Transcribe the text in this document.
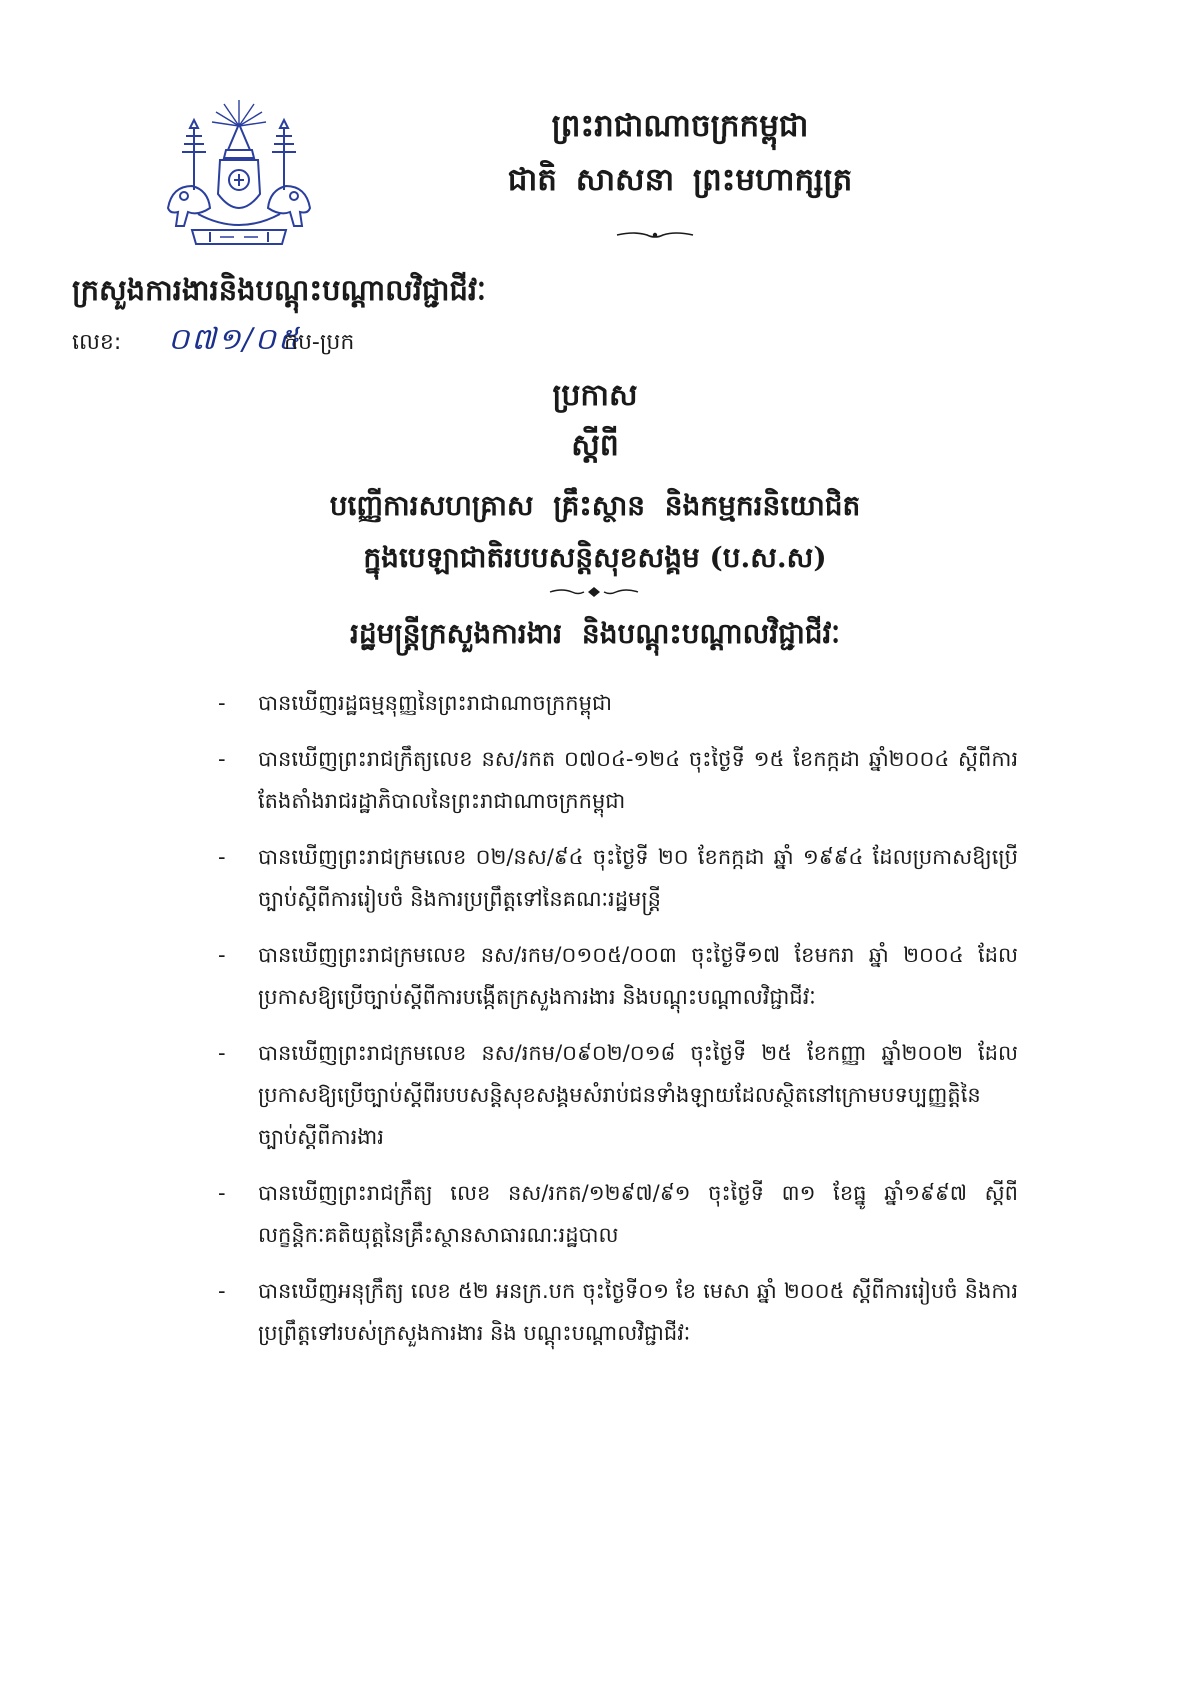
ព្រះរាជាណាចក្រកម្ពុជា
ជាតិ សាសនា ព្រះមហាក្សត្រ
ក្រសួងការងារនិងបណ្តុះបណ្តាលវិជ្ជាជីវៈ
លេខ: ០៧១/០៥
កប-ប្រក
ប្រកាស
ស្តីពី
បញ្ញើការសហគ្រាស គ្រឹះស្ថាន និងកម្មករនិយោជិត
ក្នុងបេឡាជាតិរបបសន្តិសុខសង្គម (ប.ស.ស)
រដ្ឋមន្ត្រីក្រសួងការងារ និងបណ្តុះបណ្តាលវិជ្ជាជីវៈ
- បានឃើញរដ្ឋធម្មនុញ្ញនៃព្រះរាជាណាចក្រកម្ពុជា
- បានឃើញព្រះរាជក្រឹត្យលេខ នស/រកត ០៧០៤-១២៤ ចុះថ្ងៃទី ១៥ ខែកក្កដា ឆ្នាំ២០០៤ ស្តីពីការតែងតាំងរាជរដ្ឋាភិបាលនៃព្រះរាជាណាចក្រកម្ពុជា
- បានឃើញព្រះរាជក្រមលេខ ០២/នស/៩៤ ចុះថ្ងៃទី ២០ ខែកក្កដា ឆ្នាំ ១៩៩៤ ដែលប្រកាសឱ្យប្រើច្បាប់ស្តីពីការរៀបចំ និងការប្រព្រឹត្តទៅនៃគណៈរដ្ឋមន្ត្រី
- បានឃើញព្រះរាជក្រមលេខ នស/រកម/០១០៥/០០៣ ចុះថ្ងៃទី១៧ ខែមករា ឆ្នាំ ២០០៤ ដែលប្រកាសឱ្យប្រើច្បាប់ស្តីពីការបង្កើតក្រសួងការងារ និងបណ្តុះបណ្តាលវិជ្ជាជីវៈ
- បានឃើញព្រះរាជក្រមលេខ នស/រកម/០៩០២/០១៨ ចុះថ្ងៃទី ២៥ ខែកញ្ញា ឆ្នាំ២០០២ ដែលប្រកាសឱ្យប្រើច្បាប់ស្តីពីរបបសន្តិសុខសង្គមសំរាប់ជនទាំងឡាយដែលស្ថិតនៅក្រោមបទប្បញ្ញត្តិនៃច្បាប់ស្តីពីការងារ
- បានឃើញព្រះរាជក្រឹត្យ លេខ នស/រកត/១២៩៧/៩១ ចុះថ្ងៃទី ៣១ ខែធ្នូ ឆ្នាំ១៩៩៧ ស្តីពីលក្ខន្តិកៈគតិយុត្តនៃគ្រឹះស្ថានសាធារណៈរដ្ឋបាល
- បានឃើញអនុក្រឹត្យ លេខ ៥២ អនក្រ.បក ចុះថ្ងៃទី០១ ខែ មេសា ឆ្នាំ ២០០៥ ស្តីពីការរៀបចំ និងការប្រព្រឹត្តទៅរបស់ក្រសួងការងារ និង បណ្តុះបណ្តាលវិជ្ជាជីវៈ
